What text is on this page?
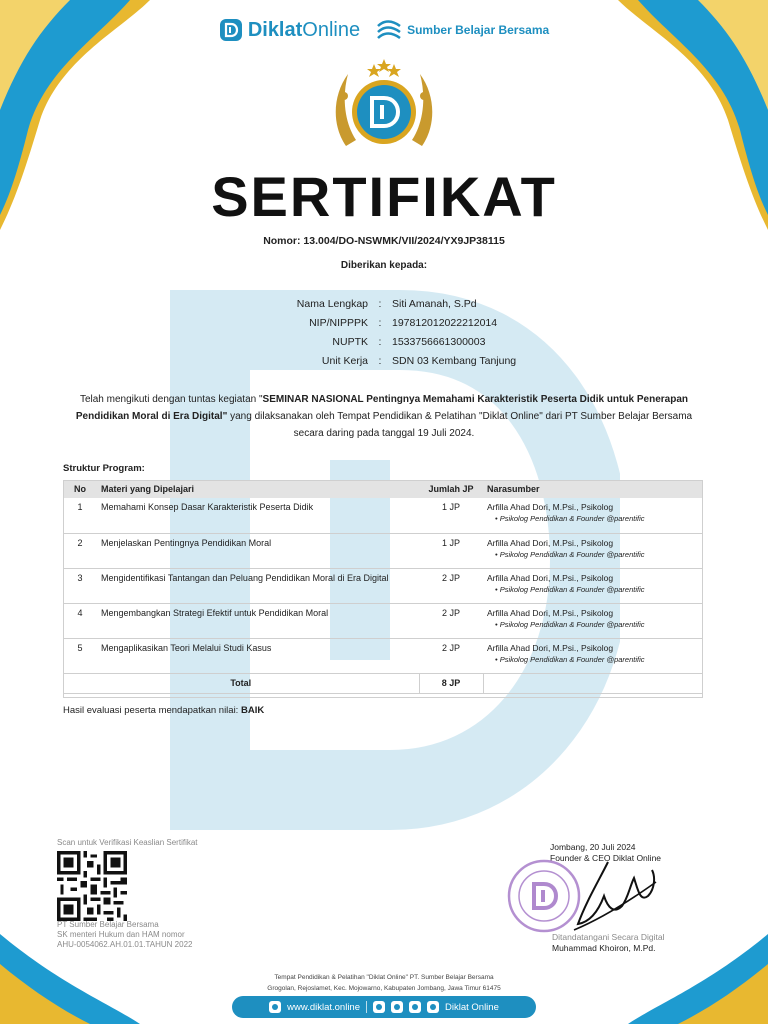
DiklatOnline	Sumber Belajar Bersama
SERTIFIKAT
Nomor: 13.004/DO-NSWMK/VII/2024/YX9JP38115
Diberikan kepada:
Nama Lengkap	:	Siti Amanah, S.Pd
NIP/NIPPPK	:	197812012022212014
NUPTK	:	1533756661300003
Unit Kerja	:	SDN 03 Kembang Tanjung
Telah mengikuti dengan tuntas kegiatan "SEMINAR NASIONAL Pentingnya Memahami Karakteristik Peserta Didik untuk Penerapan Pendidikan Moral di Era Digital" yang dilaksanakan oleh Tempat Pendidikan & Pelatihan "Diklat Online" dari PT Sumber Belajar Bersama secara daring pada tanggal 19 Juli 2024.
Struktur Program:
No	Materi yang Dipelajari	Jumlah JP	Narasumber
1	Memahami Konsep Dasar Karakteristik Peserta Didik	1 JP	Arfilla Ahad Dori, M.Psi., Psikolog
• Psikolog Pendidikan & Founder @parentific

2	Menjelaskan Pentingnya Pendidikan Moral	1 JP	Arfilla Ahad Dori, M.Psi., Psikolog
• Psikolog Pendidikan & Founder @parentific

3	Mengidentifikasi Tantangan dan Peluang Pendidikan Moral di Era Digital	2 JP	Arfilla Ahad Dori, M.Psi., Psikolog
• Psikolog Pendidikan & Founder @parentific

4	Mengembangkan Strategi Efektif untuk Pendidikan Moral	2 JP	Arfilla Ahad Dori, M.Psi., Psikolog
• Psikolog Pendidikan & Founder @parentific

5	Mengaplikasikan Teori Melalui Studi Kasus	2 JP	Arfilla Ahad Dori, M.Psi., Psikolog
• Psikolog Pendidikan & Founder @parentific

Total		8 JP	
Hasil evaluasi peserta mendapatkan nilai: BAIK
Scan untuk Verifikasi Keaslian Sertifikat
PT Sumber Belajar Bersama
SK menteri Hukum dan HAM nomor
AHU-0054062.AH.01.01.TAHUN 2022
Jombang, 20 Juli 2024
Founder & CEO Diklat Online
Ditandatangani Secara Digital
Muhammad Khoiron, M.Pd.
Tempat Pendidikan & Pelatihan "Diklat Online" PT. Sumber Belajar Bersama
Grogolan, Rejoslamet, Kec. Mojowarno, Kabupaten Jombang, Jawa Timur 61475
www.diklat.online	Diklat Online
